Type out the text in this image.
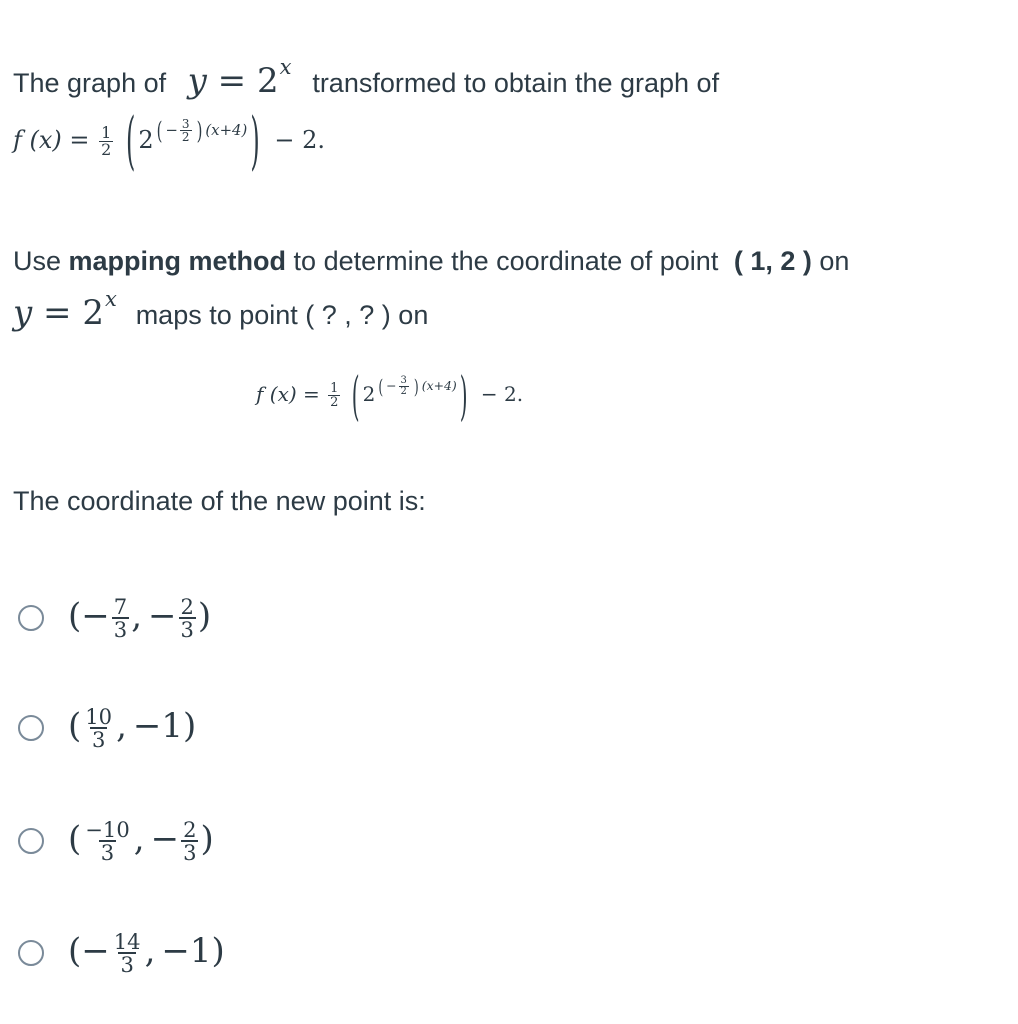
The graph of $y = 2^x$ transformed to obtain the graph of
f $(x) = \frac{1}{2}$ ( 2 $^{( - \frac{3}{2} ) (x+4)}$ ) − 2.
Use mapping method to determine the coordinate of point ( 1, 2 ) on
$y = 2^x$ maps to point ( ? , ? ) on
f $(x) = \frac{1}{2}$ ( 2 $^{( - \frac{3}{2} ) (x+4)}$ ) − 2.
The coordinate of the new point is:
(− $\frac{7}{3}$ , − $\frac{2}{3}$ )
( $\frac{10}{3}$ , −1)
( $\frac{-10}{3}$ , − $\frac{2}{3}$ )
(− $\frac{14}{3}$ , −1)
